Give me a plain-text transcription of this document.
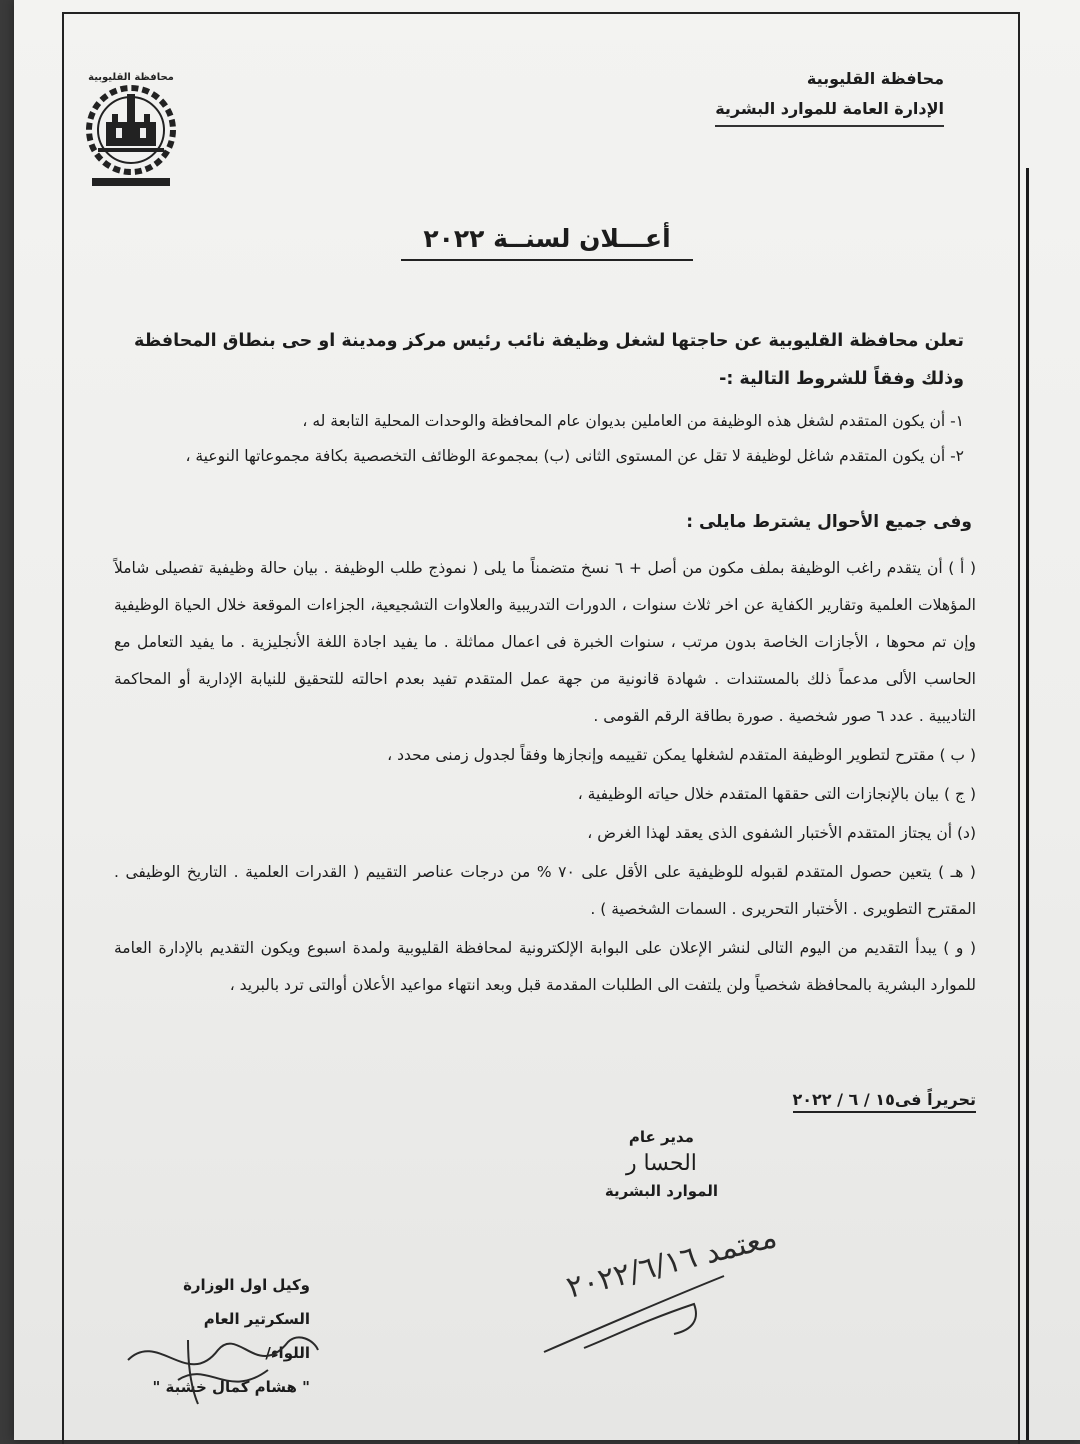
محافظة القليوبية	محافظة القليوبية
الإدارة العامة للموارد البشرية
أعـــلان لسنــة ٢٠٢٢
تعلن محافظة القليوبية عن حاجتها لشغل وظيفة نائب رئيس مركز ومدينة او حى بنطاق المحافظة وذلك وفقاً للشروط التالية :-

١- أن يكون المتقدم لشغل هذه الوظيفة من العاملين بديوان عام المحافظة والوحدات المحلية التابعة له ،

٢- أن يكون المتقدم شاغل لوظيفة لا تقل عن المستوى الثانى (ب) بمجموعة الوظائف التخصصية بكافة مجموعاتها النوعية ،

وفى جميع الأحوال يشترط مايلى :

( أ ) أن يتقدم راغب الوظيفة بملف مكون من أصل + ٦ نسخ متضمناً ما يلى ( نموذج طلب الوظيفة . بيان حالة وظيفية تفصيلى شاملاً المؤهلات العلمية وتقارير الكفاية عن اخر ثلاث سنوات ، الدورات التدريبية والعلاوات التشجيعية، الجزاءات الموقعة خلال الحياة الوظيفية وإن تم محوها ، الأجازات الخاصة بدون مرتب ، سنوات الخبرة فى اعمال مماثلة . ما يفيد اجادة اللغة الأنجليزية . ما يفيد التعامل مع الحاسب الألى مدعماً ذلك بالمستندات . شهادة قانونية من جهة عمل المتقدم تفيد بعدم احالته للتحقيق للنيابة الإدارية أو المحاكمة التاديبية . عدد ٦ صور شخصية . صورة بطاقة الرقم القومى .

( ب ) مقترح لتطوير الوظيفة المتقدم لشغلها يمكن تقييمه وإنجازها وفقاً لجدول زمنى محدد ،

( ج ) بيان بالإنجازات التى حققها المتقدم خلال حياته الوظيفية ،

(د) أن يجتاز المتقدم الأختبار الشفوى الذى يعقد لهذا الغرض ،

( هـ ) يتعين حصول المتقدم لقبوله للوظيفية على الأقل على ٧٠ % من درجات عناصر التقييم ( القدرات العلمية . التاريخ الوظيفى . المقترح التطويرى . الأختبار التحريرى . السمات الشخصية ) .

( و ) يبدأ التقديم من اليوم التالى لنشر الإعلان على البوابة الإلكترونية لمحافظة القليوبية ولمدة اسبوع ويكون التقديم بالإدارة العامة للموارد البشرية بالمحافظة شخصياً ولن يلتفت الى الطلبات المقدمة قبل وبعد انتهاء مواعيد الأعلان أوالتى ترد بالبريد ،

تحريراً فى١٥ / ٦ / ٢٠٢٢
مدير عام
الحسا ر
الموارد البشرية
معتمد ٢٠٢٢/٦/١٦
وكيل اول الوزارة
السكرتير العام
اللواء/
" هشام كمال خشبة "
